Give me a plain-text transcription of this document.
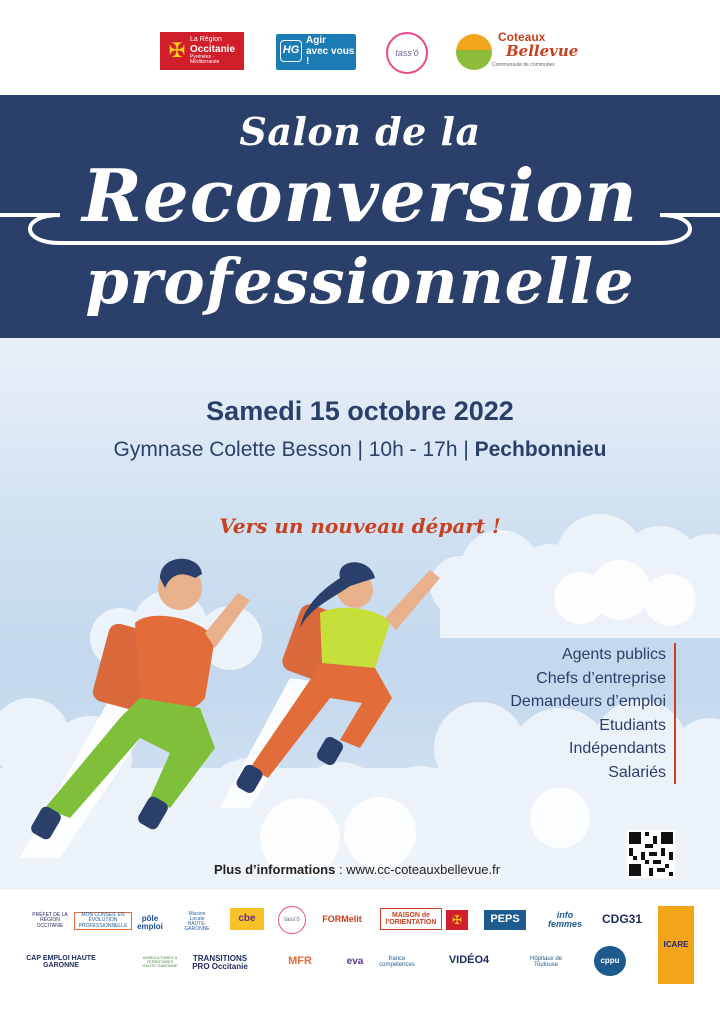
✠
La Région
Occitanie
Pyrénées · Méditerranée
HG
Agir
avec vous !
tass'ô
Coteaux
Bellevue
Communauté de communes
Salon de la
Reconversion
professionnelle
Samedi 15 octobre 2022
Gymnase Colette Besson | 10h - 17h | Pechbonnieu
Vers un nouveau départ !
Agents publics
Chefs d’entreprise
Demandeurs d’emploi
Etudiants
Indépendants
Salariés
Plus d’informations : www.cc-coteauxbellevue.fr
PRÉFET DE LA RÉGION OCCITANIE
MON CONSEIL EN ÉVOLUTION PROFESSIONNELLE
pôle emploi
Mission Locale HAUTE-GARONNE
cbe	tass'ô	FORMelit	MAISON de l'ORIENTATION	✠	PEPS	info femmes	CDG31
ICARE
CAP EMPLOI HAUTE GARONNE
AGRICULTURES & TERRITOIRES HAUTE-GARONNE
TRANSITIONS PRO Occitanie	MFR	eva	france compétences	VIDÉO4	Hôpitaux de Toulouse
cppu
